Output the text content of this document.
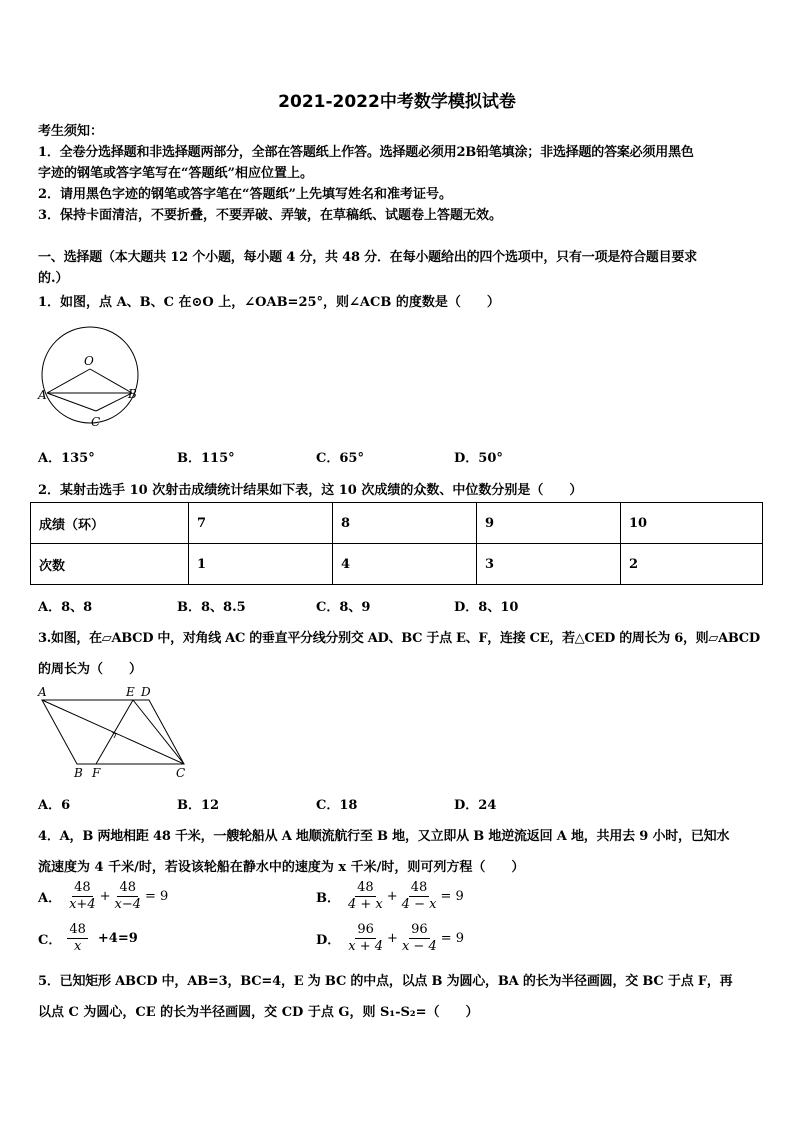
2021-2022中考数学模拟试卷
考生须知：
1．全卷分选择题和非选择题两部分，全部在答题纸上作答。选择题必须用2B铅笔填涂；非选择题的答案必须用黑色
字迹的钢笔或答字笔写在“答题纸”相应位置上。
2．请用黑色字迹的钢笔或答字笔在“答题纸”上先填写姓名和准考证号。
3．保持卡面清洁，不要折叠，不要弄破、弄皱，在草稿纸、试题卷上答题无效。
一、选择题（本大题共 12 个小题，每小题 4 分，共 48 分．在每小题给出的四个选项中，只有一项是符合题目要求
的.）
1．如图，点 A、B、C 在⊙O 上，∠OAB=25°，则∠ACB 的度数是（　　）
O
A	B
C
A．135°	B．115°	C．65°	D．50°
2．某射击选手 10 次射击成绩统计结果如下表，这 10 次成绩的众数、中位数分别是（　　）
成绩（环）	7	8	9	10
次数	1	4	3	2
A．8、8	B．8、8.5	C．8、9	D．8、10
3.如图，在▱ABCD 中，对角线 AC 的垂直平分线分别交 AD、BC 于点 E、F，连接 CE，若△CED 的周长为 6，则▱ABCD
的周长为（　　）
A	E D
B F	C
A．6	B．12	C．18	D．24
4．A，B 两地相距 48 千米，一艘轮船从 A 地顺流航行至 B 地，又立即从 B 地逆流返回 A 地，共用去 9 小时，已知水
流速度为 4 千米/时，若设该轮船在静水中的速度为 x 千米/时，则可列方程（　　）
A． $\frac{48}{x+4} + \frac{48}{x-4} = 9$	B． $\frac{48}{4 + x} + \frac{48}{4 - x} = 9$
C． $\frac{48}{x} +4=9$	D． $\frac{96}{x + 4} + \frac{96}{x - 4} = 9$
5．已知矩形 ABCD 中，AB=3，BC=4，E 为 BC 的中点，以点 B 为圆心，BA 的长为半径画圆，交 BC 于点 F，再
以点 C 为圆心，CE 的长为半径画圆，交 CD 于点 G，则 S₁-S₂=（　　）
